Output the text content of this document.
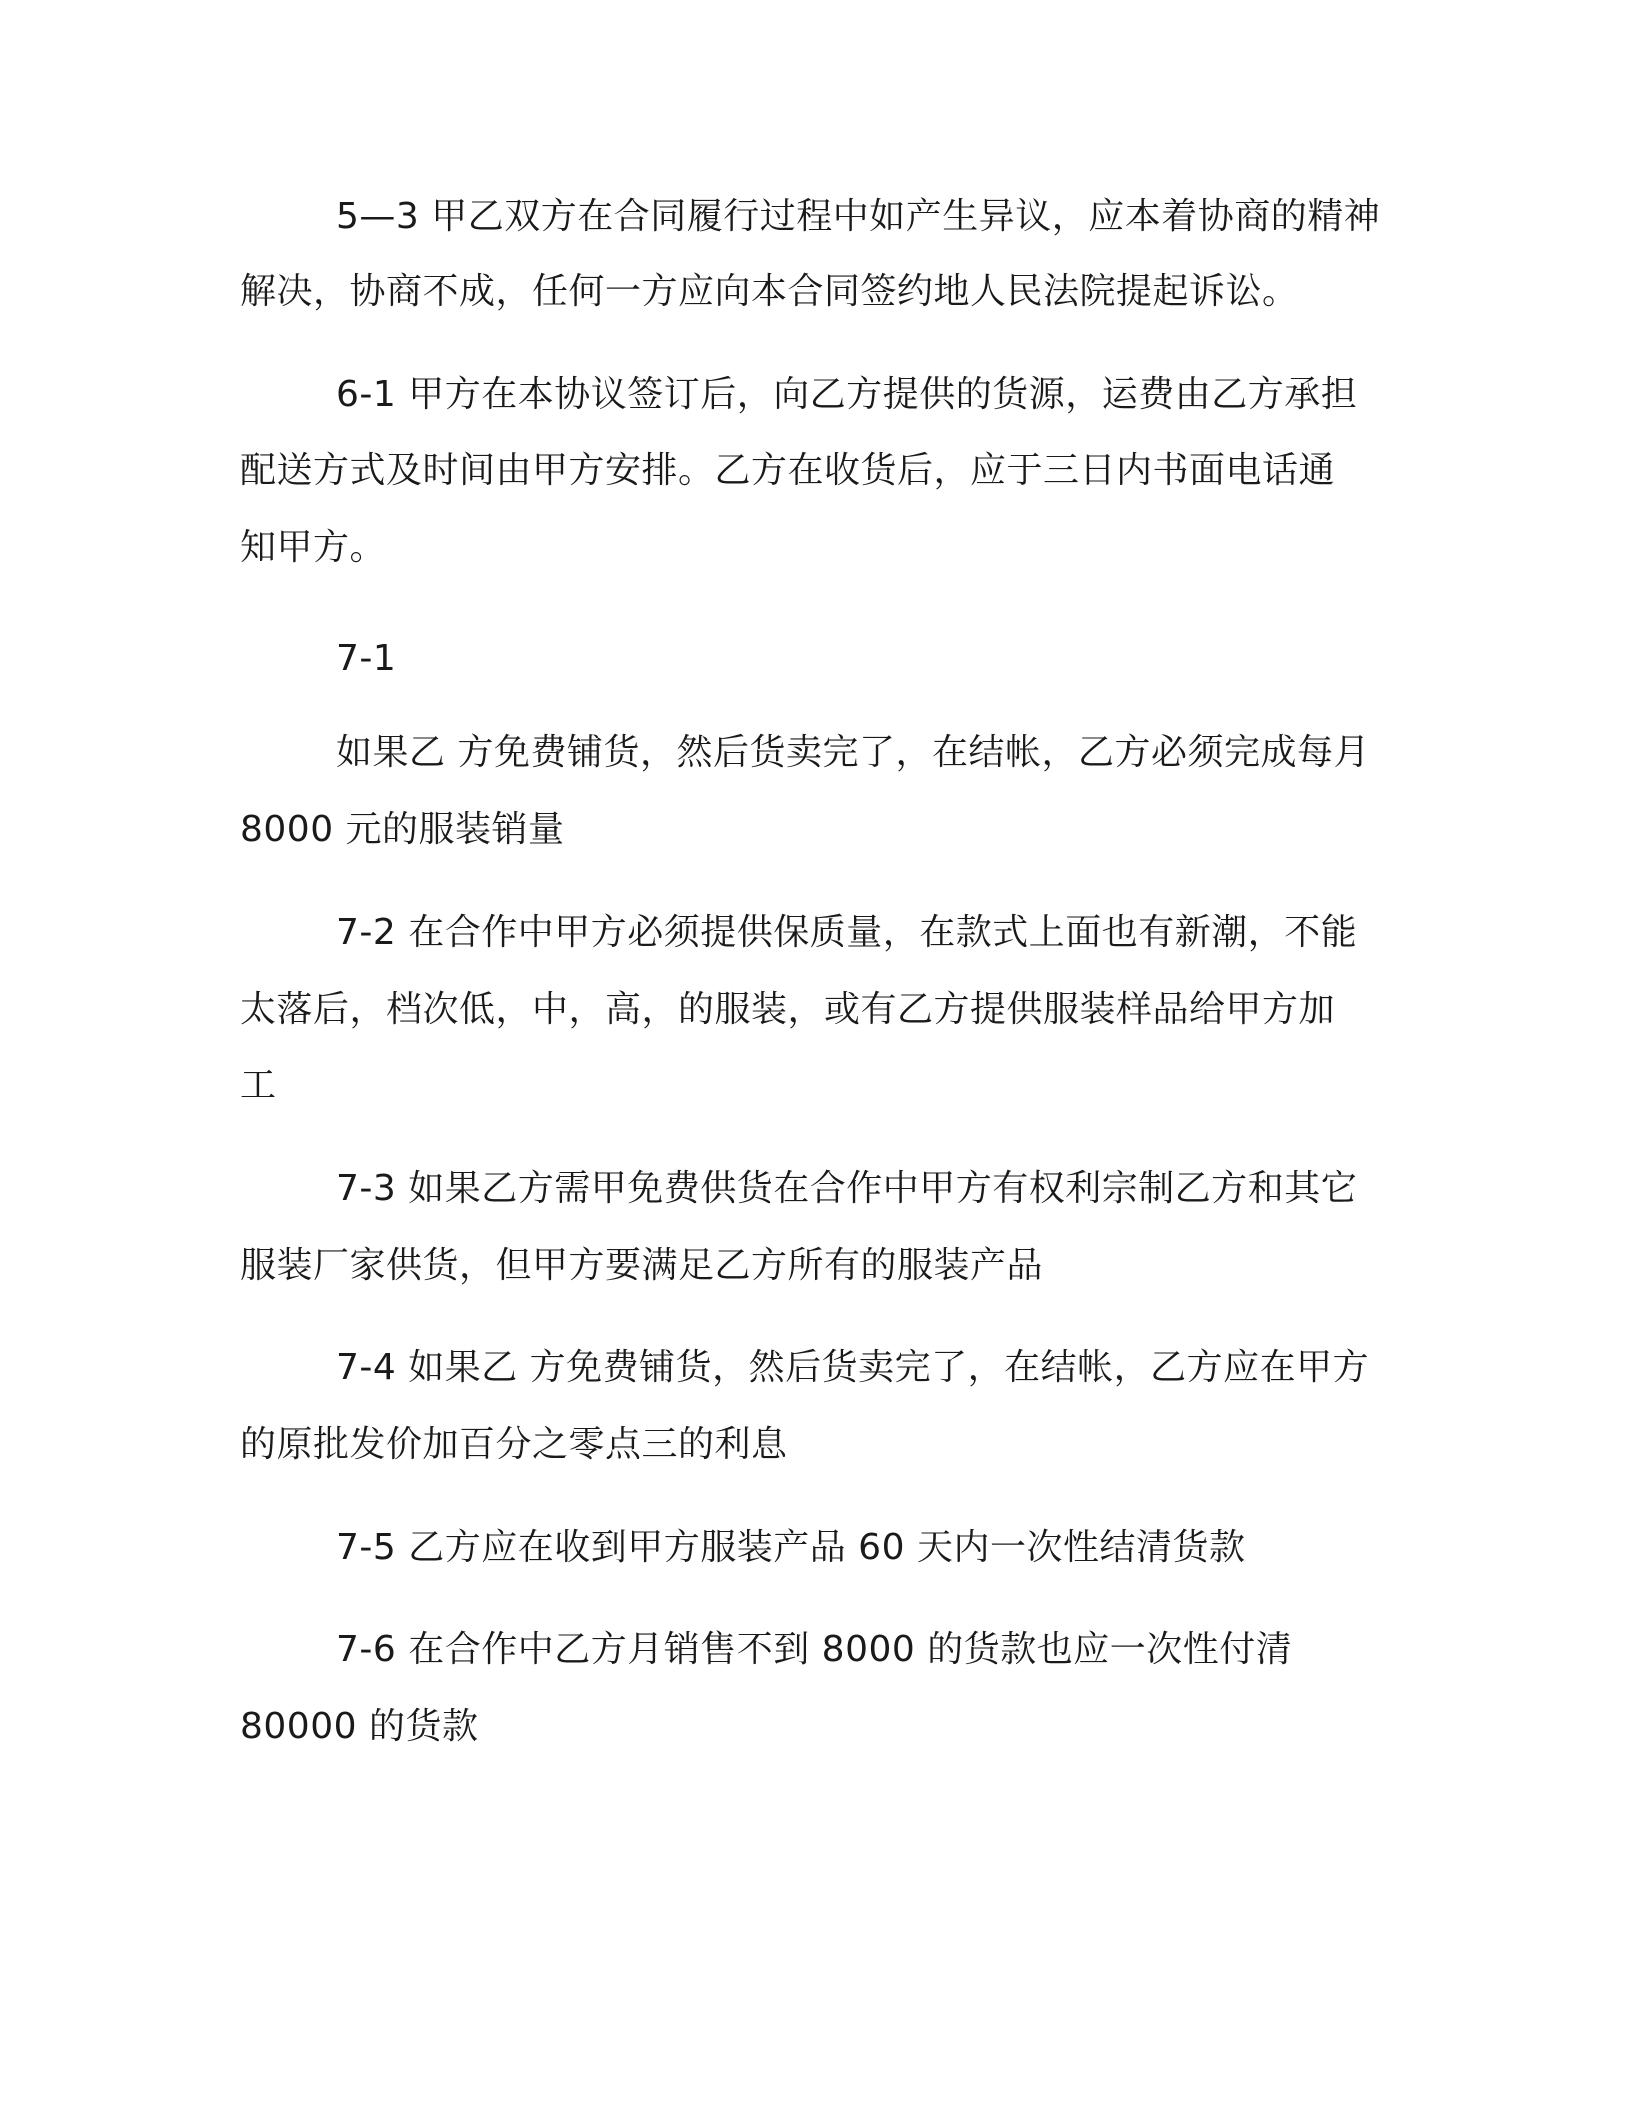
5—3 甲乙双方在合同履行过程中如产生异议，应本着协商的精神
解决，协商不成，任何一方应向本合同签约地人民法院提起诉讼。
6-1 甲方在本协议签订后，向乙方提供的货源，运费由乙方承担
配送方式及时间由甲方安排。乙方在收货后，应于三日内书面电话通
知甲方。
7-1
如果乙 方免费铺货，然后货卖完了，在结帐，乙方必须完成每月
8000 元的服装销量
7-2 在合作中甲方必须提供保质量，在款式上面也有新潮，不能
太落后，档次低，中，高，的服装，或有乙方提供服装样品给甲方加
工
7-3 如果乙方需甲免费供货在合作中甲方有权利宗制乙方和其它
服装厂家供货，但甲方要满足乙方所有的服装产品
7-4 如果乙 方免费铺货，然后货卖完了，在结帐，乙方应在甲方
的原批发价加百分之零点三的利息
7-5 乙方应在收到甲方服装产品 60 天内一次性结清货款
7-6 在合作中乙方月销售不到 8000 的货款也应一次性付清
80000 的货款
